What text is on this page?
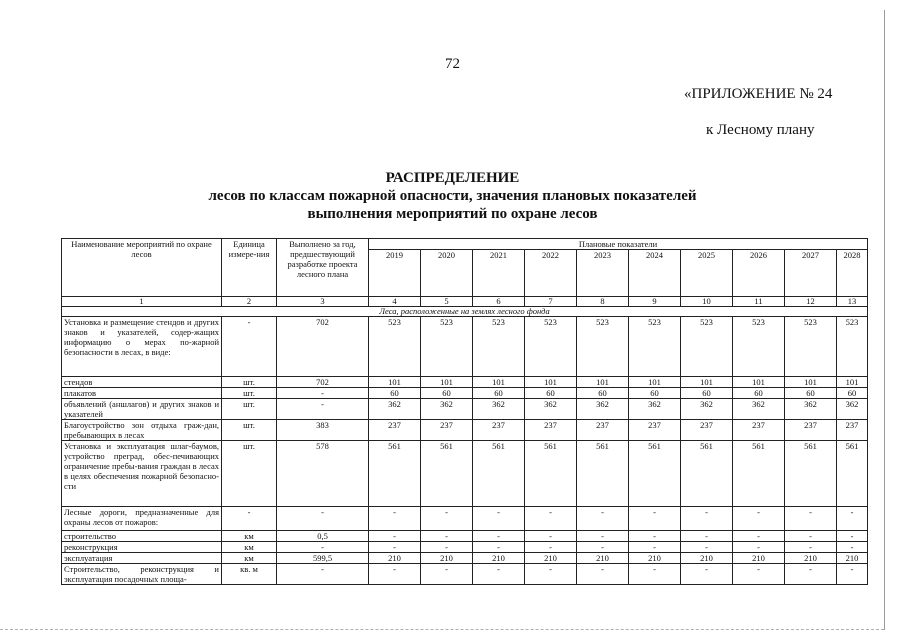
72
«ПРИЛОЖЕНИЕ № 24
к Лесному плану
РАСПРЕДЕЛЕНИЕ
лесов по классам пожарной опасности, значения плановых показателей
выполнения мероприятий по охране лесов
Наименование мероприятий по охране лесов	Единица измере-ния	Выполнено за год, предшествующий разработке проекта лесного плана	Плановые показатели									
			2019	2020	2021	2022	2023	2024	2025	2026	2027	2028
1	2	3	4	5	6	7	8	9	10	11	12	13
Леса, расположенные на землях лесного фонда												
Установка и размещение стендов и других знаков и указателей, содер-жащих информацию о мерах по-жарной безопасности в лесах, в виде:	-	702	523	523	523	523	523	523	523	523	523	523
стендов	шт.	702	101	101	101	101	101	101	101	101	101	101
плакатов	шт.	-	60	60	60	60	60	60	60	60	60	60
объявлений (аншлагов) и других знаков и указателей	шт.	-	362	362	362	362	362	362	362	362	362	362
Благоустройство зон отдыха граж-дан, пребывающих в лесах	шт.	383	237	237	237	237	237	237	237	237	237	237
Установка и эксплуатация шлаг-баумов, устройство преград, обес-печивающих ограничение пребы-вания граждан в лесах в целях обеспечения пожарной безопасно-сти	шт.	578	561	561	561	561	561	561	561	561	561	561
Лесные дороги, предназначенные для охраны лесов от пожаров:	-	-	-	-	-	-	-	-	-	-	-	-
строительство	км	0,5	-	-	-	-	-	-	-	-	-	-
реконструкция	км	-	-	-	-	-	-	-	-	-	-	-
эксплуатация	км	599,5	210	210	210	210	210	210	210	210	210	210
Строительство, реконструкция и эксплуатация посадочных площа-	кв. м	-	-	-	-	-	-	-	-	-	-	-
